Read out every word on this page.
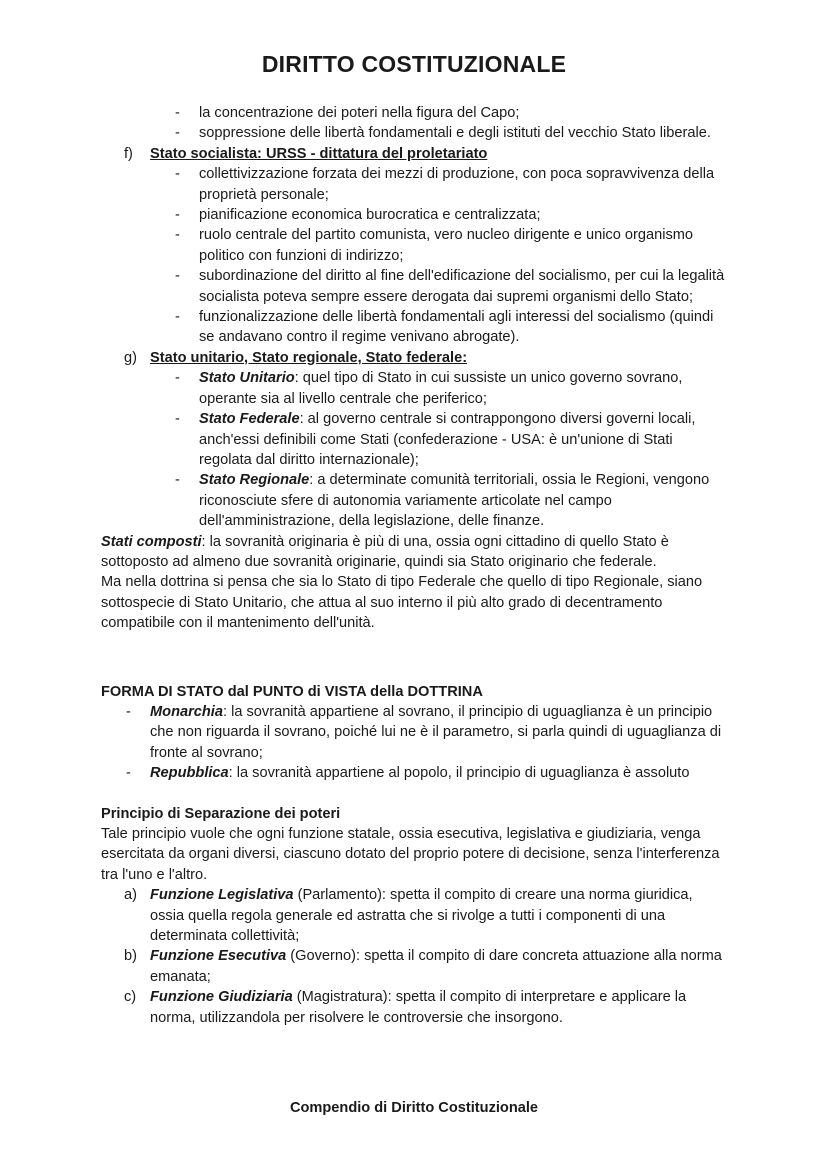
DIRITTO COSTITUZIONALE
- la concentrazione dei poteri nella figura del Capo;
- soppressione delle libertà fondamentali e degli istituti del vecchio Stato liberale.
f) Stato socialista: URSS - dittatura del proletariato
- collettivizzazione forzata dei mezzi di produzione, con poca sopravvivenza della proprietà personale;
- pianificazione economica burocratica e centralizzata;
- ruolo centrale del partito comunista, vero nucleo dirigente e unico organismo politico con funzioni di indirizzo;
- subordinazione del diritto al fine dell'edificazione del socialismo, per cui la legalità socialista poteva sempre essere derogata dai supremi organismi dello Stato;
- funzionalizzazione delle libertà fondamentali agli interessi del socialismo (quindi se andavano contro il regime venivano abrogate).
g) Stato unitario, Stato regionale, Stato federale:
- Stato Unitario: quel tipo di Stato in cui sussiste un unico governo sovrano, operante sia al livello centrale che periferico;
- Stato Federale: al governo centrale si contrappongono diversi governi locali, anch'essi definibili come Stati (confederazione - USA: è un'unione di Stati regolata dal diritto internazionale);
- Stato Regionale: a determinate comunità territoriali, ossia le Regioni, vengono riconosciute sfere di autonomia variamente articolate nel campo dell'amministrazione, della legislazione, delle finanze.
Stati composti: la sovranità originaria è più di una, ossia ogni cittadino di quello Stato è sottoposto ad almeno due sovranità originarie, quindi sia Stato originario che federale.
Ma nella dottrina si pensa che sia lo Stato di tipo Federale che quello di tipo Regionale, siano sottospecie di Stato Unitario, che attua al suo interno il più alto grado di decentramento compatibile con il mantenimento dell'unità.
FORMA DI STATO dal PUNTO di VISTA della DOTTRINA
- Monarchia: la sovranità appartiene al sovrano, il principio di uguaglianza è un principio che non riguarda il sovrano, poiché lui ne è il parametro, si parla quindi di uguaglianza di fronte al sovrano;
- Repubblica: la sovranità appartiene al popolo, il principio di uguaglianza è assoluto
Principio di Separazione dei poteri
Tale principio vuole che ogni funzione statale, ossia esecutiva, legislativa e giudiziaria, venga esercitata da organi diversi, ciascuno dotato del proprio potere di decisione, senza l'interferenza tra l'uno e l'altro.
a) Funzione Legislativa (Parlamento): spetta il compito di creare una norma giuridica, ossia quella regola generale ed astratta che si rivolge a tutti i componenti di una determinata collettività;
b) Funzione Esecutiva (Governo): spetta il compito di dare concreta attuazione alla norma emanata;
c) Funzione Giudiziaria (Magistratura): spetta il compito di interpretare e applicare la norma, utilizzandola per risolvere le controversie che insorgono.
Compendio di Diritto Costituzionale
